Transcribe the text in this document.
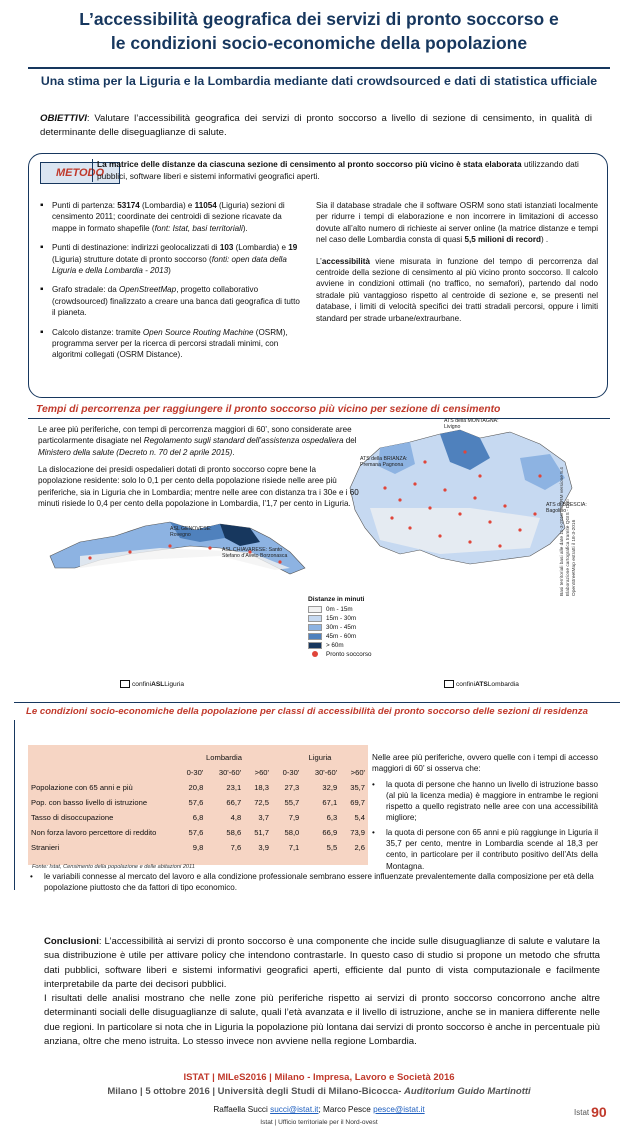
L’accessibilità geografica dei servizi di pronto soccorso e
le condizioni socio-economiche della popolazione
Una stima per la Liguria e la Lombardia mediante dati crowdsourced e dati di statistica ufficiale
OBIETTIVI: Valutare l’accessibilità geografica dei servizi di pronto soccorso a livello di sezione di censimento, in qualità di determinante delle diseguaglianze di salute.
METODO
La matrice delle distanze da ciascuna sezione di censimento al pronto soccorso più vicino è stata elaborata utilizzando dati pubblici, software liberi e sistemi informativi geografici aperti.
▪ Punti di partenza: 53174 (Lombardia) e 11054 (Liguria) sezioni di censimento 2011; coordinate dei centroidi di sezione ricavate da mappe in formato shapefile (font: Istat, basi territoriali).
▪ Punti di destinazione: indirizzi geolocalizzati di 103 (Lombardia) e 19 (Liguria) strutture dotate di pronto soccorso (fonti: open data della Liguria e della Lombardia - 2013)
▪ Grafo stradale: da OpenStreetMap, progetto collaborativo (crowdsourced) finalizzato a creare una banca dati geografica di tutto il pianeta.
▪ Calcolo distanze: tramite Open Source Routing Machine (OSRM), programma server per la ricerca di percorsi stradali minimi, con algoritmi collegati (OSRM Distance).

Sia il database stradale che il software OSRM sono stati istanziati localmente per ridurre i tempi di elaborazione e non incorrere in limitazioni di accesso dovute all’alto numero di richieste ai server online (la matrice distanze e tempi nel caso delle Lombardia consta di quasi 5,5 milioni di record) .

L’accessibilità viene misurata in funzione del tempo di percorrenza dal centroide della sezione di censimento al più vicino pronto soccorso. Il calcolo avviene in condizioni ottimali (no traffico, no semafori), partendo dal nodo stradale più vantaggioso rispetto al centroide di sezione e, se presenti nel database, i limiti di velocità specifici dei tratti stradali percorsi, oppure i limiti standard per strade urbane/extraurbane.

Tempi di percorrenza per raggiungere il pronto soccorso più vicino per sezione di censimento
Le aree più periferiche, con tempi di percorrenza maggiori di 60’, sono considerate aree particolarmente disagiate nel Regolamento sugli standard dell’assistenza ospedaliera del Ministero della salute (Decreto n. 70 del 2 aprile 2015).
La dislocazione dei presidi ospedalieri dotati di pronto soccorso copre bene la popolazione residente: solo lo 0,1 per cento della popolazione risiede nelle aree più periferiche, sia in Liguria che in Lombardia; mentre nelle aree con distanza tra i 30e e i 60 minuti risiede lo 0,4 per cento della popolazione in Lombardia, l’1,7 per cento in Liguria.
ASL GENOVESE: Rovegno
ASL CHIAVARESE: Santo Stefano d’Aveto Borzonasca
ATS della MONTAGNA: Livigno
ATS della BRIANZA: Premana Pagnona
ATS di BRESCIA: Bagolino
Distanze in minuti
0m - 15m
15m - 30m
30m - 45m
45m - 60m
> 60m
Pronto soccorso
confini ASL Liguria	confini ATS Lombardia
Basi territoriali basi alle date 11-3-2016 - OSRM versione 5.4 Elaborazione cartografica tramite QGIS - Dati OpenStreetMap estratti il 18-3-2016
Le condizioni socio-economiche della popolazione per classi di accessibilità dei pronto soccorso delle sezioni di residenza
	Lombardia			Liguria		
	0-30'	30'-60'	>60'	0-30'	30'-60'	>60'
Popolazione con 65 anni e più	20,8	23,1	18,3	27,3	32,9	35,7
Pop. con basso livello di istruzione	57,6	66,7	72,5	55,7	67,1	69,7
Tasso di disoccupazione	6,8	4,8	3,7	7,9	6,3	5,4
Non forza lavoro percettore di reddito	57,6	58,6	51,7	58,0	66,9	73,9
Stranieri	9,8	7,6	3,9	7,1	5,5	2,6
Fonte: Istat, Censimento della popolazione e delle abitazioni 2011
Nelle aree più periferiche, ovvero quelle con i tempi di accesso maggiori di 60’ si osserva che:
• la quota di persone che hanno un livello di istruzione basso (al più la licenza media) è maggiore in entrambe le regioni rispetto a quello registrato nelle aree con una accessibilità migliore;
• la quota di persone con 65 anni e più raggiunge in Liguria il 35,7 per cento, mentre in Lombardia scende al 18,3 per cento, in particolare per il contributo positivo dell’Ats della Montagna.
• le variabili connesse al mercato del lavoro e alla condizione professionale sembrano essere influenzate prevalentemente dalla composizione per età della popolazione piuttosto che da fattori di tipo economico.

Conclusioni: L’accessibilità ai servizi di pronto soccorso è una componente che incide sulle disuguaglianze di salute e valutare la sua distribuzione è utile per attivare policy che intendono contrastarle. In questo caso di studio si propone un metodo che sfrutta dati pubblici, software liberi e sistemi informativi geografici aperti, efficiente dal punto di vista computazionale e facilmente interpretabile da parte dei decisori pubblici.

I risultati delle analisi mostrano che nelle zone più periferiche rispetto ai servizi di pronto soccorso concorrono anche altre determinanti sociali delle disuguaglianze di salute, quali l’età avanzata e il livello di istruzione, anche se in maniera differente nelle due regioni. In particolare si nota che in Liguria la popolazione più lontana dai servizi di pronto soccorso è anche in percentuale più anziana, oltre che meno istruita. Lo stesso invece non avviene nella regione Lombardia.

ISTAT | MILeS2016 | Milano - Impresa, Lavoro e Società 2016
Milano | 5 ottobre 2016 | Università degli Studi di Milano-Bicocca- Auditorium Guido Martinotti
Raffaella Succi succi@istat.it; Marco Pesce pesce@istat.it
Istat | Ufficio territoriale per il Nord-ovest
Istat 90
